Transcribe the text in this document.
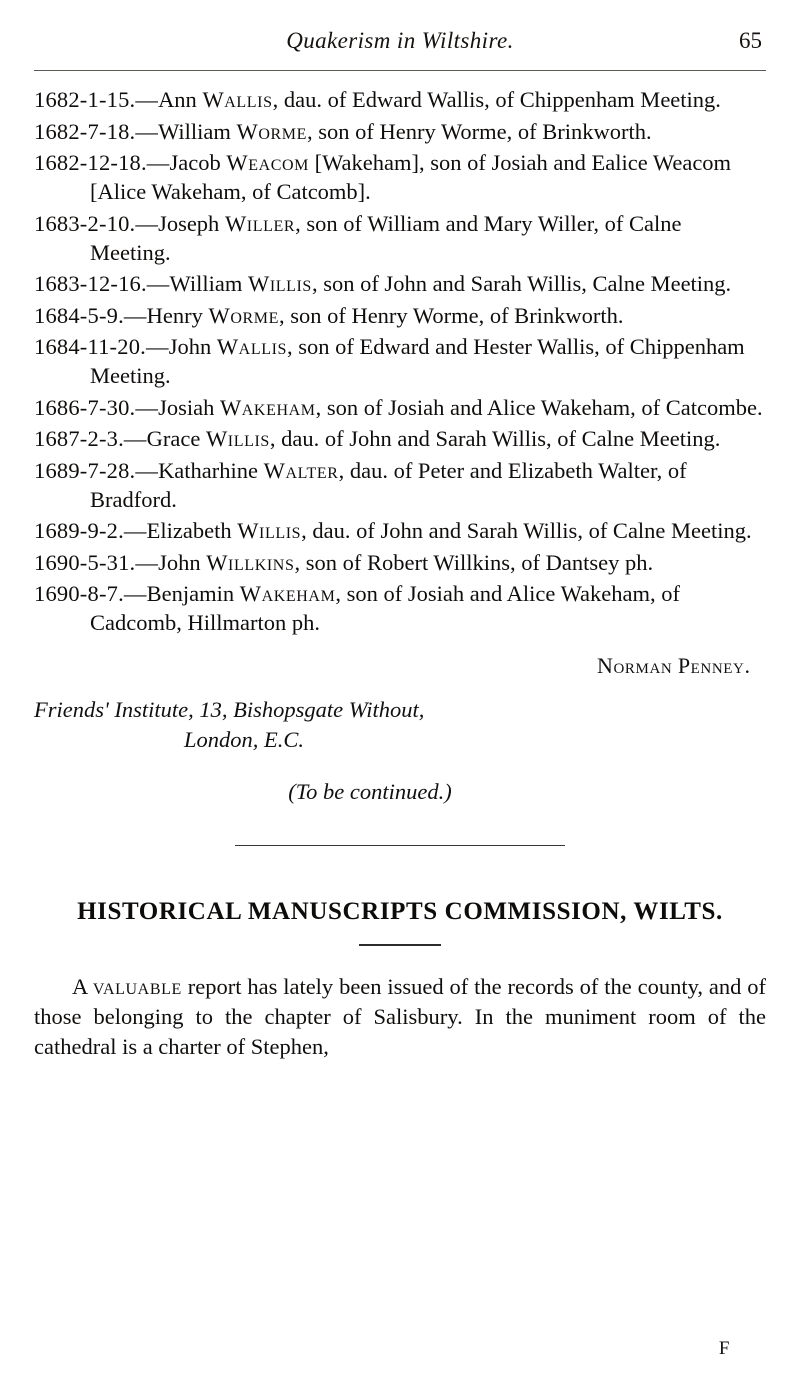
Quakerism in Wiltshire.	65
1682-1-15.—Ann Wallis, dau. of Edward Wallis, of Chippenham Meeting.
1682-7-18.—William Worme, son of Henry Worme, of Brinkworth.
1682-12-18.—Jacob Weacom [Wakeham], son of Josiah and Ealice Weacom [Alice Wakeham, of Catcomb].
1683-2-10.—Joseph Willer, son of William and Mary Willer, of Calne Meeting.
1683-12-16.—William Willis, son of John and Sarah Willis, Calne Meeting.
1684-5-9.—Henry Worme, son of Henry Worme, of Brinkworth.
1684-11-20.—John Wallis, son of Edward and Hester Wallis, of Chippenham Meeting.
1686-7-30.—Josiah Wakeham, son of Josiah and Alice Wakeham, of Catcombe.
1687-2-3.—Grace Willis, dau. of John and Sarah Willis, of Calne Meeting.
1689-7-28.—Katharhine Walter, dau. of Peter and Elizabeth Walter, of Bradford.
1689-9-2.—Elizabeth Willis, dau. of John and Sarah Willis, of Calne Meeting.
1690-5-31.—John Willkins, son of Robert Willkins, of Dantsey ph.
1690-8-7.—Benjamin Wakeham, son of Josiah and Alice Wakeham, of Cadcomb, Hillmarton ph.
Norman Penney.
Friends' Institute, 13, Bishopsgate Without,
London, E.C.
(To be continued.)
HISTORICAL MANUSCRIPTS COMMISSION, WILTS.

A valuable report has lately been issued of the records of the county, and of those belonging to the chapter of Salisbury. In the muniment room of the cathedral is a charter of Stephen,

F
